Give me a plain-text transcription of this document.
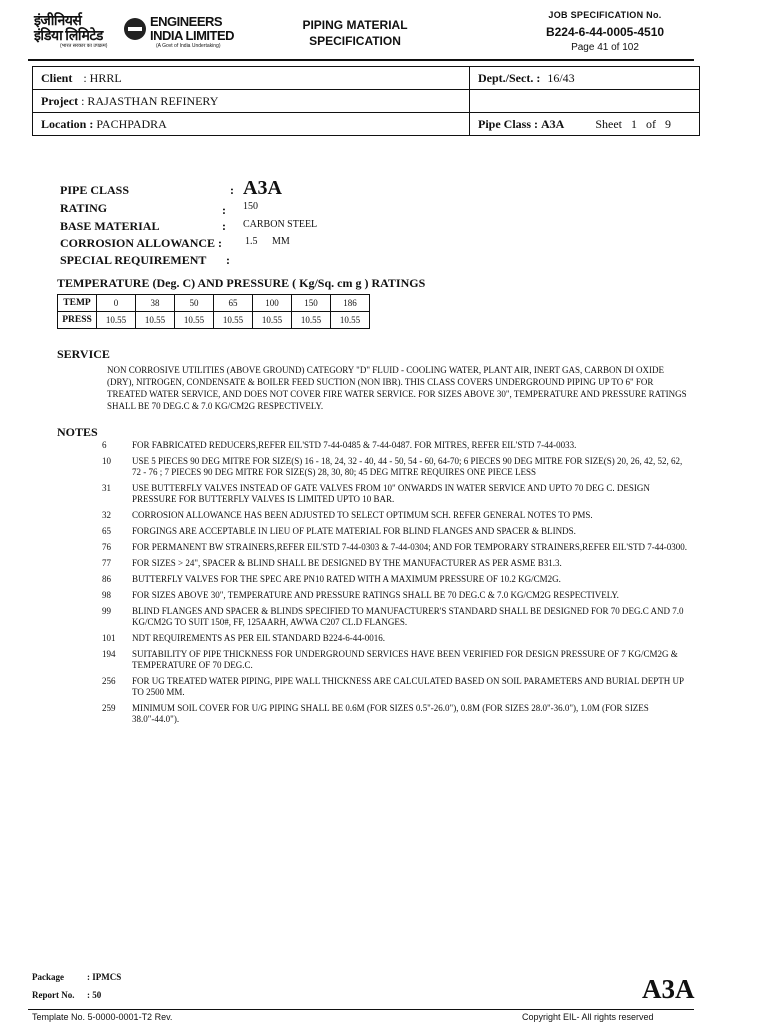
इंजीनियर्स
इंडिया लिमिटेड
ENGINEERS
INDIA LIMITED
(भारत सरकार का उपक्रम)	(A Govt of India Undertaking)
PIPING MATERIAL
SPECIFICATION
JOB SPECIFICATION No.
B224-6-44-0005-4510
Page 41 of 102
Client : HRRL	Dept./Sect. : 16/43
Project : RAJASTHAN REFINERY	
Location : PACHPADRA	Pipe Class : A3A Sheet   1   of   9
PIPE CLASS	: A3A
RATING	: 150
BASE MATERIAL	: CARBON STEEL
CORROSION ALLOWANCE : 1.5 MM
SPECIAL REQUIREMENT :
TEMPERATURE (Deg. C) AND PRESSURE ( Kg/Sq. cm g ) RATINGS
TEMP	0	38	50	65	100	150	186
PRESS	10.55	10.55	10.55	10.55	10.55	10.55	10.55
SERVICE
NON CORROSIVE UTILITIES (ABOVE GROUND) CATEGORY "D" FLUID - COOLING WATER, PLANT AIR, INERT GAS, CARBON DI OXIDE (DRY), NITROGEN, CONDENSATE & BOILER FEED SUCTION (NON IBR). THIS CLASS COVERS UNDERGROUND PIPING UP TO 6" FOR TREATED WATER SERVICE, AND DOES NOT COVER FIRE WATER SERVICE. FOR SIZES ABOVE 30", TEMPERATURE AND PRESSURE RATINGS SHALL BE 70 DEG.C & 7.0 KG/CM2G RESPECTIVELY.
NOTES
6	FOR FABRICATED REDUCERS,REFER EIL'STD 7-44-0485 & 7-44-0487. FOR MITRES, REFER EIL'STD 7-44-0033.
10	USE 5 PIECES 90 DEG MITRE FOR SIZE(S) 16 - 18, 24, 32 - 40, 44 - 50, 54 - 60, 64-70; 6 PIECES 90 DEG MITRE FOR SIZE(S) 20, 26, 42, 52, 62, 72 - 76 ; 7 PIECES 90 DEG MITRE FOR SIZE(S) 28, 30, 80; 45 DEG MITRE REQUIRES ONE PIECE LESS
31	USE BUTTERFLY VALVES INSTEAD OF GATE VALVES FROM 10" ONWARDS IN WATER SERVICE AND UPTO 70 DEG C. DESIGN PRESSURE FOR BUTTERFLY VALVES IS LIMITED UPTO 10 BAR.
32	CORROSION ALLOWANCE HAS BEEN ADJUSTED TO SELECT OPTIMUM SCH. REFER GENERAL NOTES TO PMS.
65	FORGINGS ARE ACCEPTABLE IN LIEU OF PLATE MATERIAL FOR BLIND FLANGES AND SPACER & BLINDS.
76	FOR PERMANENT BW STRAINERS,REFER EIL'STD 7-44-0303 & 7-44-0304; AND FOR TEMPORARY STRAINERS,REFER EIL'STD 7-44-0300.
77	FOR SIZES > 24", SPACER & BLIND SHALL BE DESIGNED BY THE MANUFACTURER AS PER ASME B31.3.
86	BUTTERFLY VALVES FOR THE SPEC ARE PN10 RATED WITH A MAXIMUM PRESSURE OF 10.2 KG/CM2G.
98	FOR SIZES ABOVE 30", TEMPERATURE AND PRESSURE RATINGS SHALL BE 70 DEG.C & 7.0 KG/CM2G RESPECTIVELY.
99	BLIND FLANGES AND SPACER & BLINDS SPECIFIED TO MANUFACTURER'S STANDARD SHALL BE DESIGNED FOR 70 DEG.C AND 7.0 KG/CM2G TO SUIT 150#, FF, 125AARH, AWWA C207 CL.D FLANGES.
101	NDT REQUIREMENTS AS PER EIL STANDARD B224-6-44-0016.
194	SUITABILITY OF PIPE THICKNESS FOR UNDERGROUND SERVICES HAVE BEEN VERIFIED FOR DESIGN PRESSURE OF 7 KG/CM2G & TEMPERATURE OF 70 DEG.C.
256	FOR UG TREATED WATER PIPING, PIPE WALL THICKNESS ARE CALCULATED BASED ON SOIL PARAMETERS AND BURIAL DEPTH UP TO 2500 MM.
259	MINIMUM SOIL COVER FOR U/G PIPING SHALL BE 0.6M (FOR SIZES 0.5"-26.0"), 0.8M (FOR SIZES 28.0"-36.0"), 1.0M (FOR SIZES 38.0"-44.0").
Package	: IPMCS
Report No. : 50	A3A
Template No. 5-0000-0001-T2 Rev.	Copyright EIL- All rights reserved
